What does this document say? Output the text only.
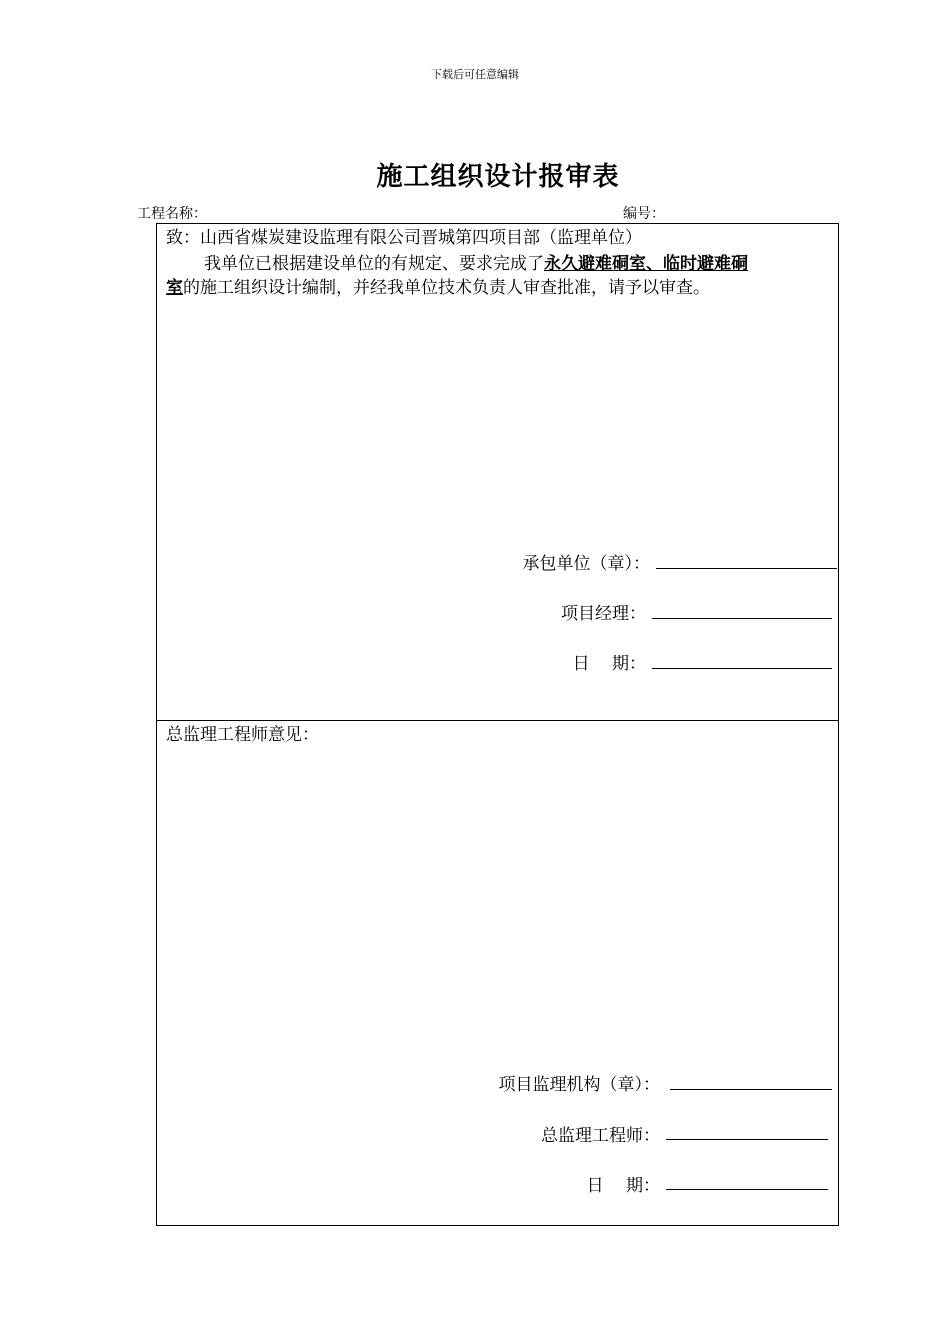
下载后可任意编辑
施工组织设计报审表
工程名称：	编号：
致：山西省煤炭建设监理有限公司晋城第四项目部（监理单位）
我单位已根据建设单位的有规定、要求完成了永久避难硐室、临时避难硐
室的施工组织设计编制，并经我单位技术负责人审查批准，请予以审查。
承包单位（章）：
项目经理：
日　 期：
总监理工程师意见：
项目监理机构（章）：
总监理工程师：
日　 期：
